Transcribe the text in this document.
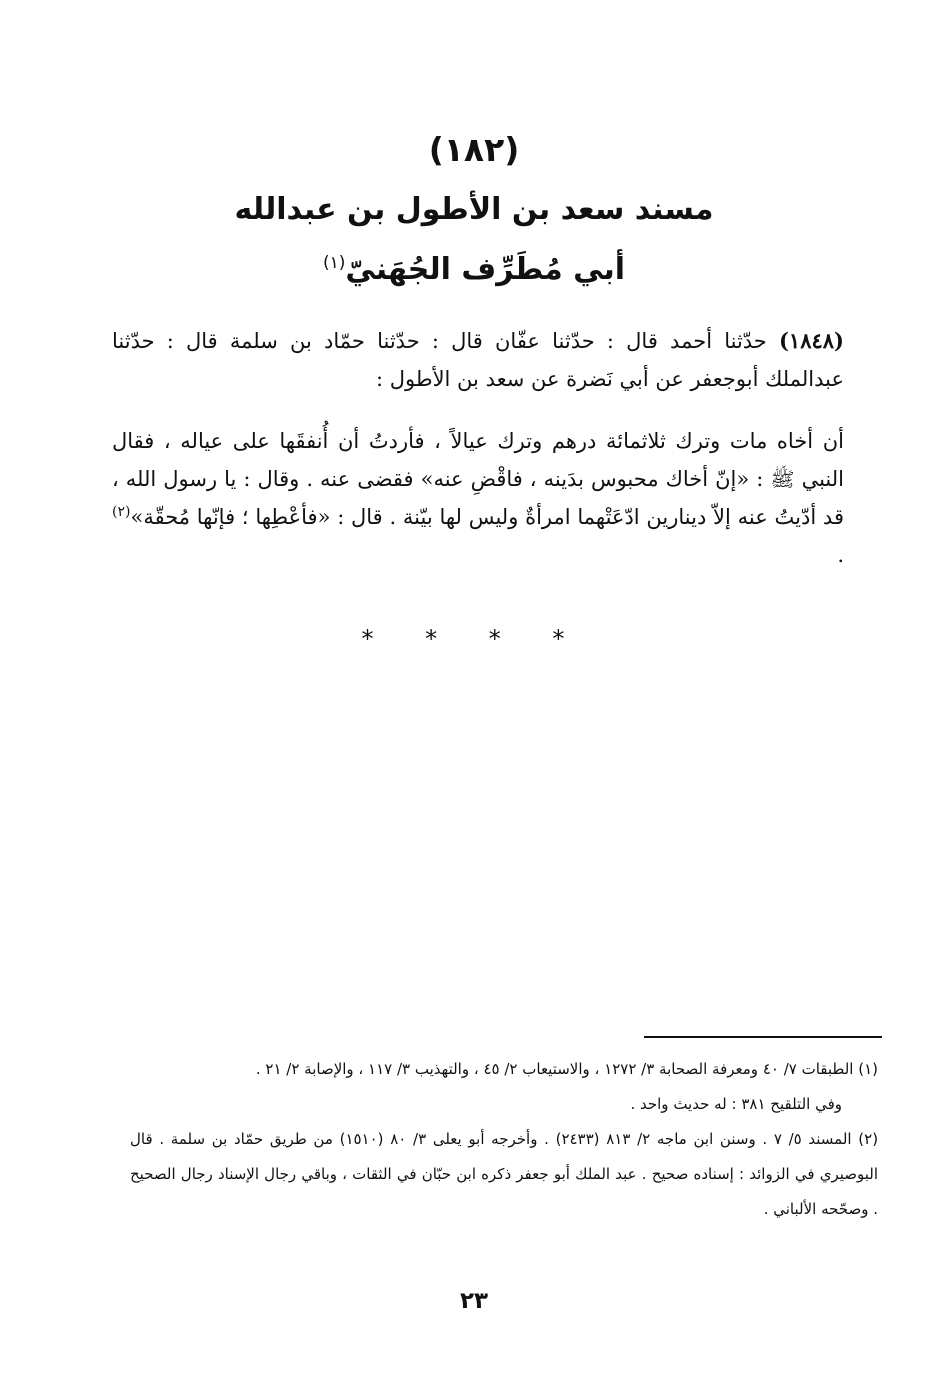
(١٨٢)
مسند سعد بن الأطول بن عبدالله
أبي مُطَرِّف الجُهَنيّ$^{(١)}$
(١٨٤٨) حدّثنا أحمد قال : حدّثنا عفّان قال : حدّثنا حمّاد بن سلمة قال : حدّثنا عبدالملك أبوجعفر عن أبي نَضرة عن سعد بن الأطول :
أن أخاه مات وترك ثلاثمائة درهم وترك عيالاً ، فأردتُ أن أُنفقَها على عياله ، فقال النبي ﷺ : «إنّ أخاك محبوس بدَينه ، فاقْضِ عنه» فقضى عنه . وقال : يا رسول الله ، قد أدّيتُ عنه إلاّ دينارين ادّعَتْهما امرأةٌ وليس لها بيّنة . قال : «فأعْطِها ؛ فإنّها مُحقّة»$^{(٢)}$ .
* * * *

(١) الطبقات ٧/ ٤٠ ومعرفة الصحابة ٣/ ١٢٧٢ ، والاستيعاب ٢/ ٤٥ ، والتهذيب ٣/ ١١٧ ، والإصابة ٢/ ٢١ .

وفي التلقيح ٣٨١ : له حديث واحد .

(٢) المسند ٥/ ٧ . وسنن ابن ماجه ٢/ ٨١٣ (٢٤٣٣) . وأخرجه أبو يعلى ٣/ ٨٠ (١٥١٠) من طريق حمّاد بن سلمة . قال البوصيري في الزوائد : إسناده صحيح . عبد الملك أبو جعفر ذكره ابن حبّان في الثقات ، وباقي رجال الإسناد رجال الصحيح . وصحّحه الألباني .

٢٣
